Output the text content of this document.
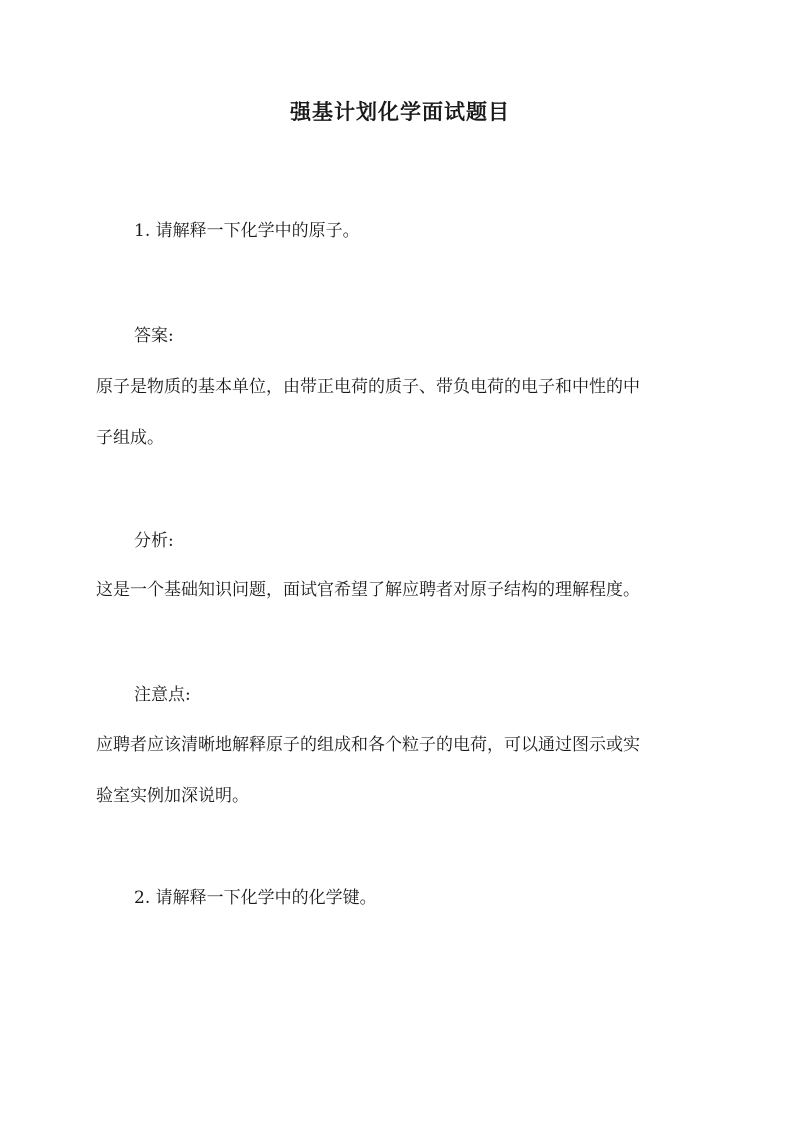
强基计划化学面试题目
1. 请解释一下化学中的原子。
答案:
原子是物质的基本单位，由带正电荷的质子、带负电荷的电子和中性的中
子组成。
分析:
这是一个基础知识问题，面试官希望了解应聘者对原子结构的理解程度。
注意点:
应聘者应该清晰地解释原子的组成和各个粒子的电荷，可以通过图示或实
验室实例加深说明。
2. 请解释一下化学中的化学键。
